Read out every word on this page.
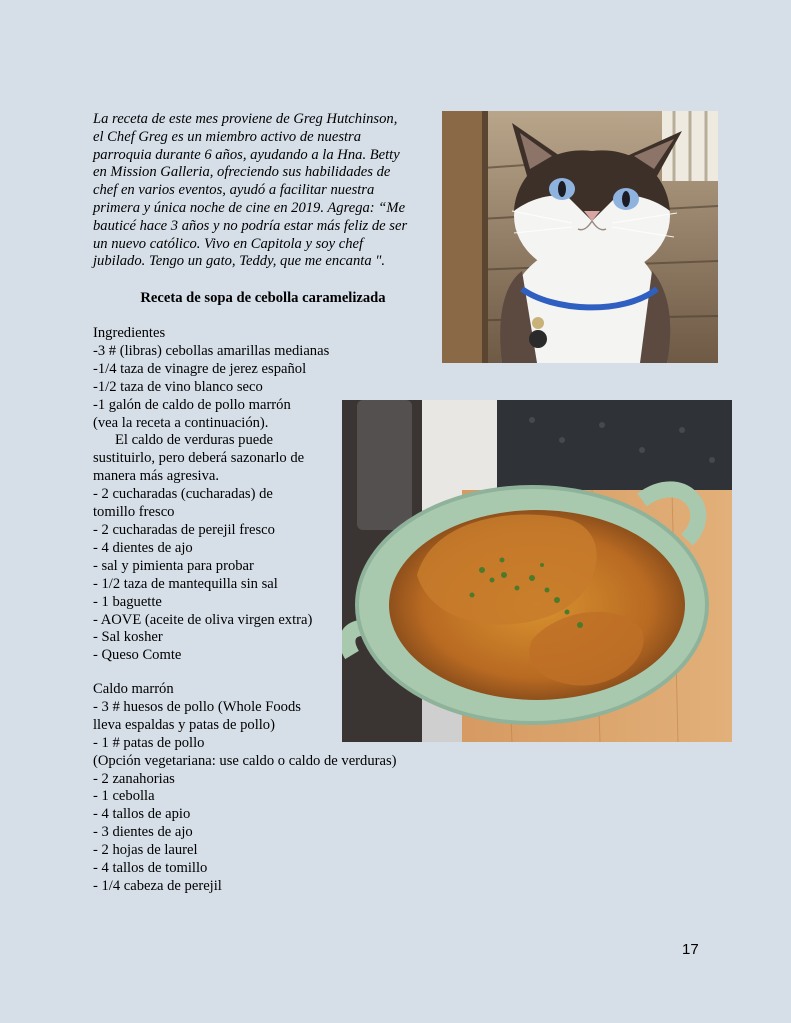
La receta de este mes proviene de Greg Hutchinson,

el Chef Greg es un miembro activo de nuestra

parroquia durante 6 años, ayudando a la Hna. Betty

en Mission Galleria, ofreciendo sus habilidades de

chef en varios eventos, ayudó a facilitar nuestra

primera y única noche de cine en 2019. Agrega: “Me

bauticé hace 3 años y no podría estar más feliz de ser

un nuevo católico. Vivo en Capitola y soy chef

jubilado. Tengo un gato, Teddy, que me encanta ".

Receta de sopa de cebolla caramelizada
Ingredientes
-3 # (libras) cebollas amarillas medianas
-1/4 taza de vinagre de jerez español
-1/2 taza de vino blanco seco
-1 galón de caldo de pollo marrón
(vea la receta a continuación).
El caldo de verduras puede
sustituirlo, pero deberá sazonarlo de
manera más agresiva.
- 2 cucharadas (cucharadas) de
tomillo fresco
- 2 cucharadas de perejil fresco
- 4 dientes de ajo
- sal y pimienta para probar
- 1/2 taza de mantequilla sin sal
- 1 baguette
- AOVE (aceite de oliva virgen extra)
- Sal kosher
- Queso Comte
Caldo marrón
- 3 # huesos de pollo (Whole Foods
lleva espaldas y patas de pollo)
- 1 # patas de pollo
(Opción vegetariana: use caldo o caldo de verduras)
- 2 zanahorias
- 1 cebolla
- 4 tallos de apio
- 3 dientes de ajo
- 2 hojas de laurel
- 4 tallos de tomillo
- 1/4 cabeza de perejil
17
